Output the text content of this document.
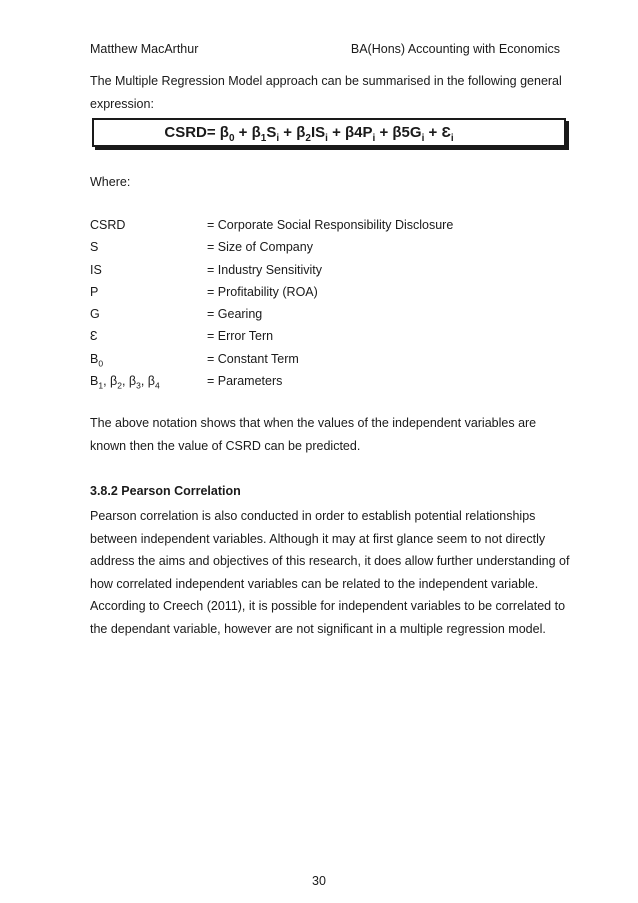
Matthew MacArthur	BA(Hons) Accounting with Economics
The Multiple Regression Model approach can be summarised in the following general expression:
CSRD= $\beta_0 + \beta_1S_i + \beta_2IS_i + \beta 4P_i + \beta 5G_i$ + $Ɛ_i$
Where:
CSRD	= Corporate Social Responsibility Disclosure
S	= Size of Company
IS	= Industry Sensitivity
P	= Profitability (ROA)
G	= Gearing
Ɛ	= Error Tern
$B_0$	= Constant Term
$B_1$, $\beta_2$, $\beta_3$, $\beta_4$	= Parameters
The above notation shows that when the values of the independent variables are known then the value of CSRD can be predicted.
3.8.2 Pearson Correlation
Pearson correlation is also conducted in order to establish potential relationships between independent variables. Although it may at first glance seem to not directly address the aims and objectives of this research, it does allow further understanding of how correlated independent variables can be related to the independent variable. According to Creech (2011), it is possible for independent variables to be correlated to the dependant variable, however are not significant in a multiple regression model.
30
